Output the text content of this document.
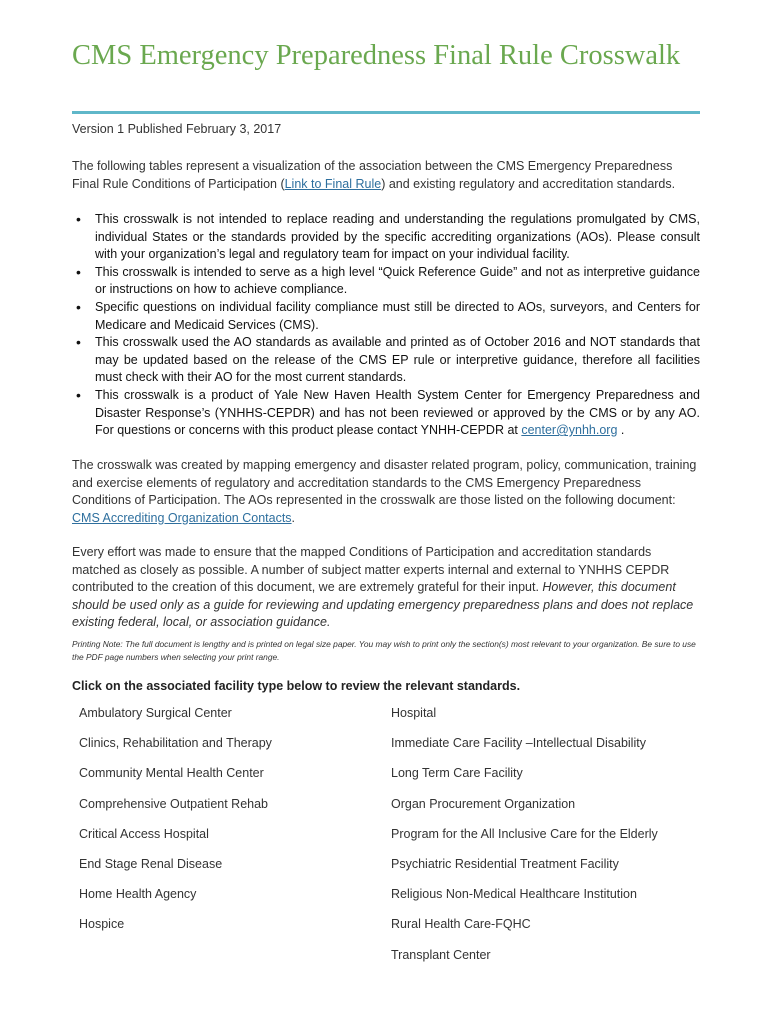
CMS Emergency Preparedness Final Rule Crosswalk
Version 1 Published February 3, 2017

The following tables represent a visualization of the association between the CMS Emergency Preparedness Final Rule Conditions of Participation (Link to Final Rule) and existing regulatory and accreditation standards.

• This crosswalk is not intended to replace reading and understanding the regulations promulgated by CMS, individual States or the standards provided by the specific accrediting organizations (AOs). Please consult with your organization’s legal and regulatory team for impact on your individual facility.
• This crosswalk is intended to serve as a high level “Quick Reference Guide” and not as interpretive guidance or instructions on how to achieve compliance.
• Specific questions on individual facility compliance must still be directed to AOs, surveyors, and Centers for Medicare and Medicaid Services (CMS).
• This crosswalk used the AO standards as available and printed as of October 2016 and NOT standards that may be updated based on the release of the CMS EP rule or interpretive guidance, therefore all facilities must check with their AO for the most current standards.
• This crosswalk is a product of Yale New Haven Health System Center for Emergency Preparedness and Disaster Response’s (YNHHS-CEPDR) and has not been reviewed or approved by the CMS or by any AO. For questions or concerns with this product please contact YNHH-CEPDR at center@ynhh.org .

The crosswalk was created by mapping emergency and disaster related program, policy, communication, training and exercise elements of regulatory and accreditation standards to the CMS Emergency Preparedness Conditions of Participation. The AOs represented in the crosswalk are those listed on the following document: CMS Accrediting Organization Contacts.

Every effort was made to ensure that the mapped Conditions of Participation and accreditation standards matched as closely as possible. A number of subject matter experts internal and external to YNHHS CEPDR contributed to the creation of this document, we are extremely grateful for their input. However, this document should be used only as a guide for reviewing and updating emergency preparedness plans and does not replace existing federal, local, or association guidance.

Printing Note: The full document is lengthy and is printed on legal size paper. You may wish to print only the section(s) most relevant to your organization. Be sure to use the PDF page numbers when selecting your print range.

Click on the associated facility type below to review the relevant standards.
Ambulatory Surgical Center
Clinics, Rehabilitation and Therapy
Community Mental Health Center
Comprehensive Outpatient Rehab
Critical Access Hospital
End Stage Renal Disease
Home Health Agency
Hospice
Hospital
Immediate Care Facility –Intellectual Disability
Long Term Care Facility
Organ Procurement Organization
Program for the All Inclusive Care for the Elderly
Psychiatric Residential Treatment Facility
Religious Non-Medical Healthcare Institution
Rural Health Care-FQHC
Transplant Center
